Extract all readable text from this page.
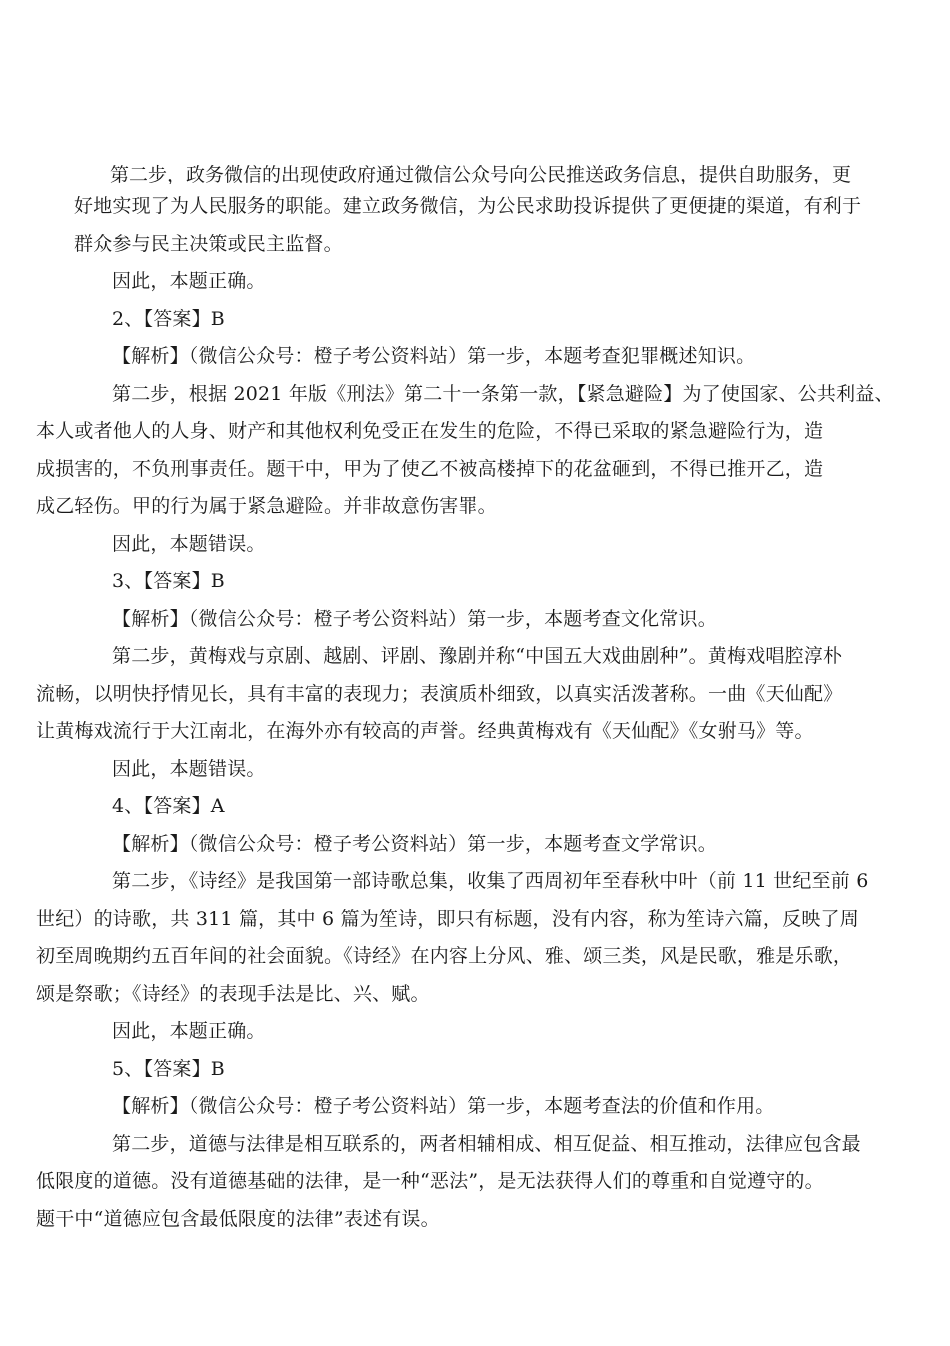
第二步，政务微信的出现使政府通过微信公众号向公民推送政务信息，提供自助服务，更

好地实现了为人民服务的职能。建立政务微信，为公民求助投诉提供了更便捷的渠道，有利于
群众参与民主决策或民主监督。

因此，本题正确。

2、【答案】B

【解析】（微信公众号：橙子考公资料站）第一步，本题考查犯罪概述知识。

第二步，根据 2021 年版《刑法》第二十一条第一款，【紧急避险】为了使国家、公共利益、
本人或者他人的人身、财产和其他权利免受正在发生的危险，不得已采取的紧急避险行为，造
成损害的，不负刑事责任。题干中，甲为了使乙不被高楼掉下的花盆砸到，不得已推开乙，造
成乙轻伤。甲的行为属于紧急避险。并非故意伤害罪。

因此，本题错误。

3、【答案】B

【解析】（微信公众号：橙子考公资料站）第一步，本题考查文化常识。

第二步，黄梅戏与京剧、越剧、评剧、豫剧并称“中国五大戏曲剧种”。黄梅戏唱腔淳朴
流畅，以明快抒情见长，具有丰富的表现力；表演质朴细致，以真实活泼著称。一曲《天仙配》
让黄梅戏流行于大江南北，在海外亦有较高的声誉。经典黄梅戏有《天仙配》《女驸马》等。

因此，本题错误。

4、【答案】A

【解析】（微信公众号：橙子考公资料站）第一步，本题考查文学常识。

第二步，《诗经》是我国第一部诗歌总集，收集了西周初年至春秋中叶（前 11 世纪至前 6
世纪）的诗歌，共 311 篇，其中 6 篇为笙诗，即只有标题，没有内容，称为笙诗六篇，反映了周
初至周晚期约五百年间的社会面貌。《诗经》在内容上分风、雅、颂三类，风是民歌，雅是乐歌，
颂是祭歌；《诗经》的表现手法是比、兴、赋。

因此，本题正确。

5、【答案】B

【解析】（微信公众号：橙子考公资料站）第一步，本题考查法的价值和作用。

第二步，道德与法律是相互联系的，两者相辅相成、相互促益、相互推动，法律应包含最
低限度的道德。没有道德基础的法律，是一种“恶法”，是无法获得人们的尊重和自觉遵守的。
题干中“道德应包含最低限度的法律”表述有误。
